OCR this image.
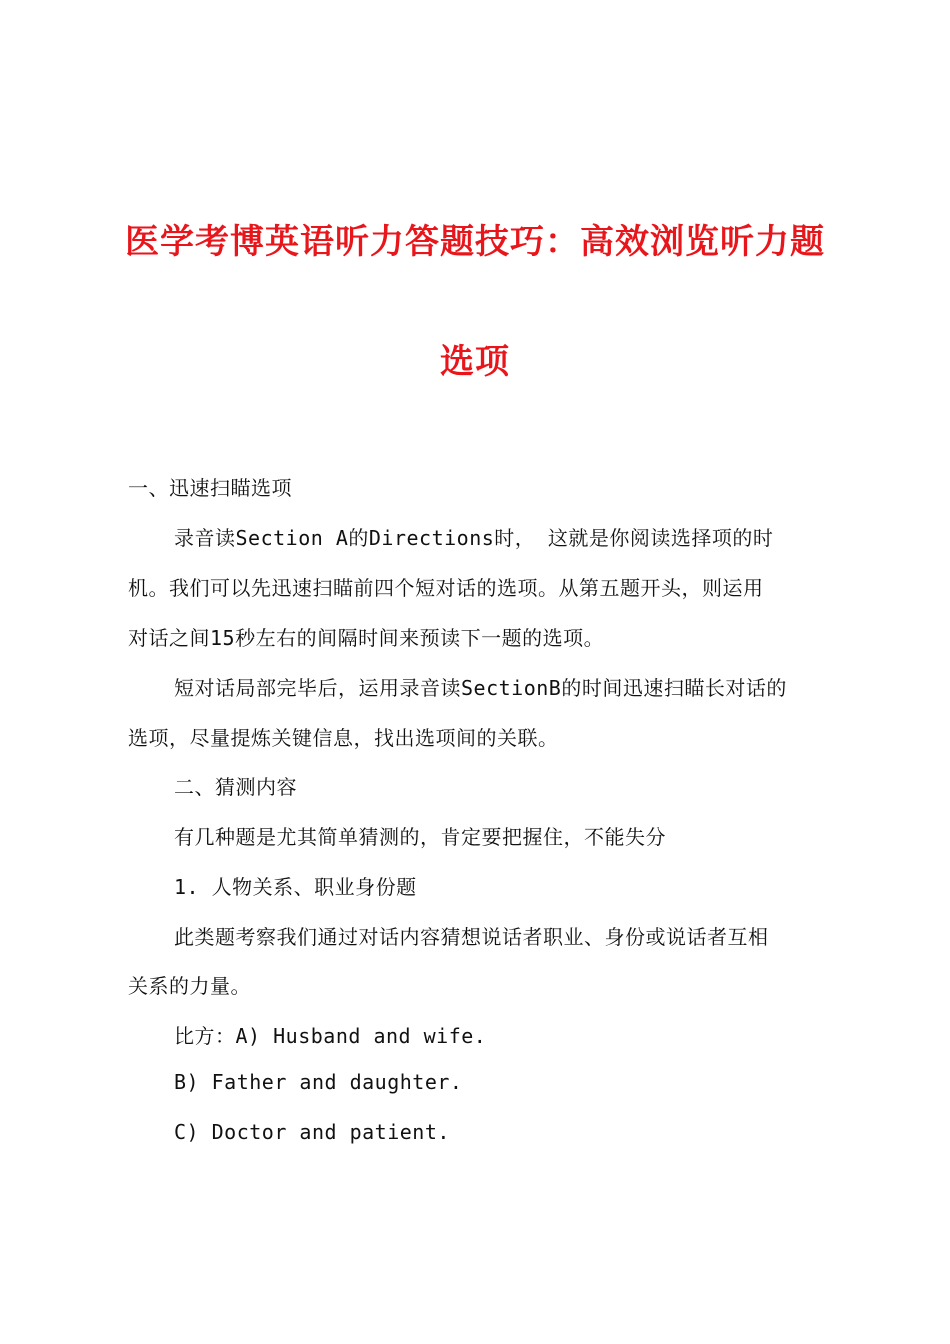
医学考博英语听力答题技巧：高效浏览听力题
选项
一、迅速扫瞄选项
录音读Section A的Directions时， 这就是你阅读选择项的时
机。我们可以先迅速扫瞄前四个短对话的选项。从第五题开头，则运用
对话之间15秒左右的间隔时间来预读下一题的选项。
短对话局部完毕后，运用录音读SectionB的时间迅速扫瞄长对话的
选项，尽量提炼关键信息，找出选项间的关联。
二、猜测内容
有几种题是尤其简单猜测的，肯定要把握住，不能失分
1. 人物关系、职业身份题
此类题考察我们通过对话内容猜想说话者职业、身份或说话者互相
关系的力量。
比方：A) Husband and wife.
B) Father and daughter.
C) Doctor and patient.
